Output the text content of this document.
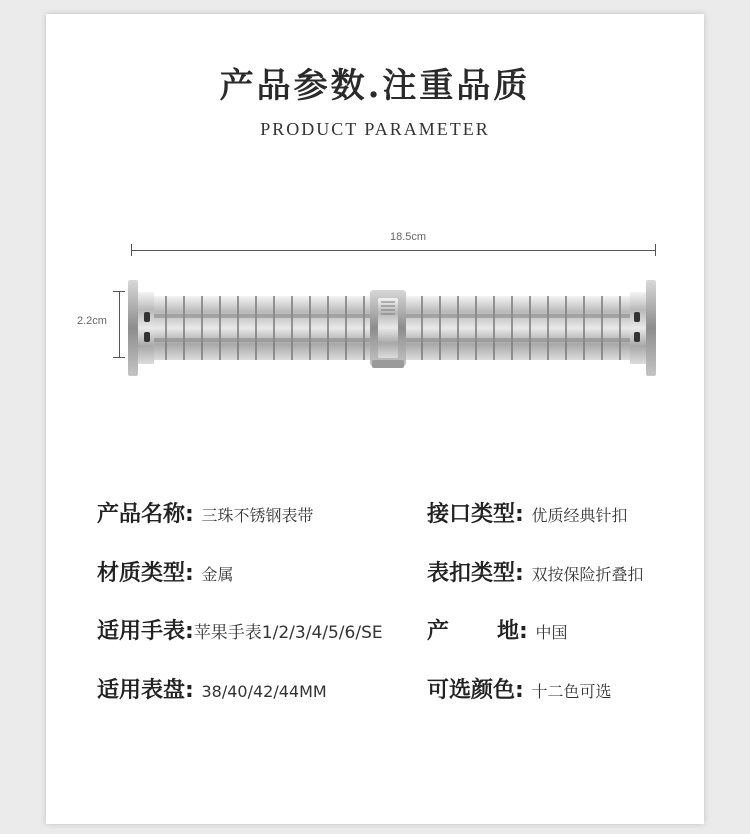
产品参数.注重品质
PRODUCT PARAMETER
18.5cm
2.2cm
产品名称: 三珠不锈钢表带
材质类型: 金属
适用手表:苹果手表1/2/3/4/5/6/SE
适用表盘: 38/40/42/44MM
接口类型: 优质经典针扣
表扣类型: 双按保险折叠扣
产 地: 中国
可选颜色: 十二色可选
